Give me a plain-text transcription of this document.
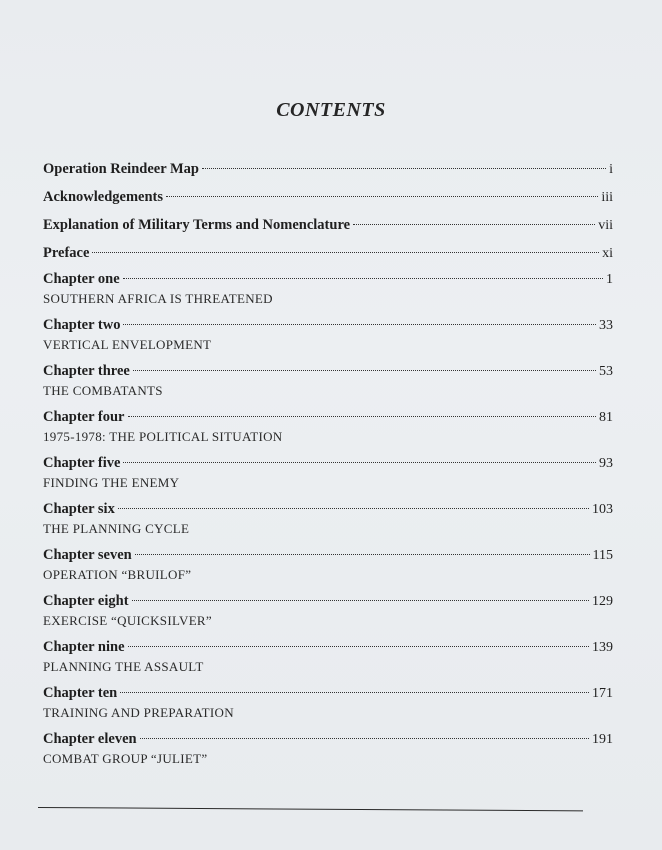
CONTENTS
Operation Reindeer Map	i
Acknowledgements	iii
Explanation of Military Terms and Nomenclature	vii
Preface	xi
Chapter one	1
SOUTHERN AFRICA IS THREATENED
Chapter two	33
VERTICAL ENVELOPMENT
Chapter three	53
THE COMBATANTS
Chapter four	81
1975-1978: THE POLITICAL SITUATION
Chapter five	93
FINDING THE ENEMY
Chapter six	103
THE PLANNING CYCLE
Chapter seven	115
OPERATION “BRUILOF”
Chapter eight	129
EXERCISE “QUICKSILVER”
Chapter nine	139
PLANNING THE ASSAULT
Chapter ten	171
TRAINING AND PREPARATION
Chapter eleven	191
COMBAT GROUP “JULIET”
